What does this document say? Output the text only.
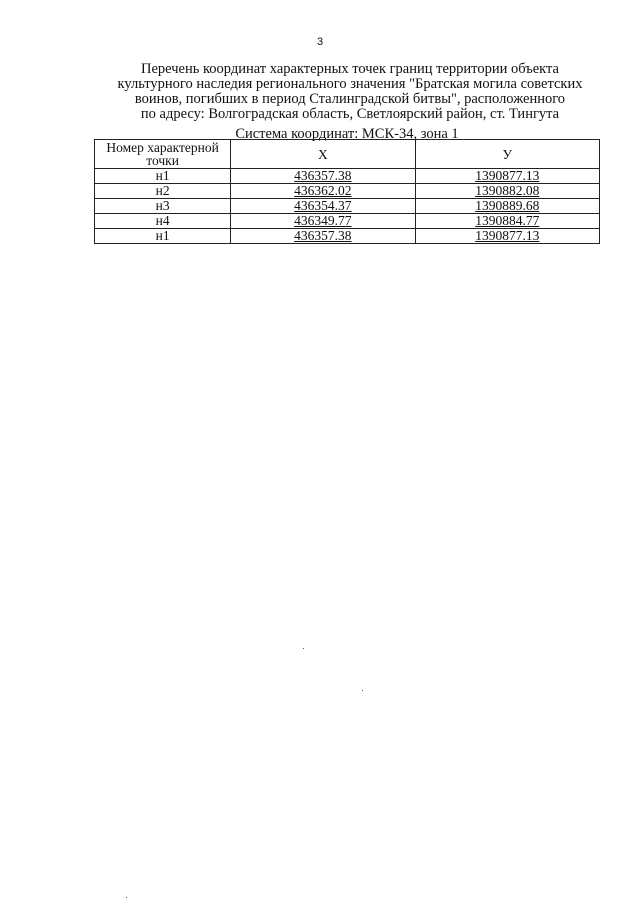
3
Перечень координат характерных точек границ территории объекта
культурного наследия регионального значения "Братская могила советских
воинов, погибших в период Сталинградской битвы", расположенного
по адресу: Волгоградская область, Светлоярский район, ст. Тингута
Система координат: МСК-34, зона 1
Номер характерной точки	X	У
н1	436357.38	1390877.13
н2	436362.02	1390882.08
н3	436354.37	1390889.68
н4	436349.77	1390884.77
н1	436357.38	1390877.13
